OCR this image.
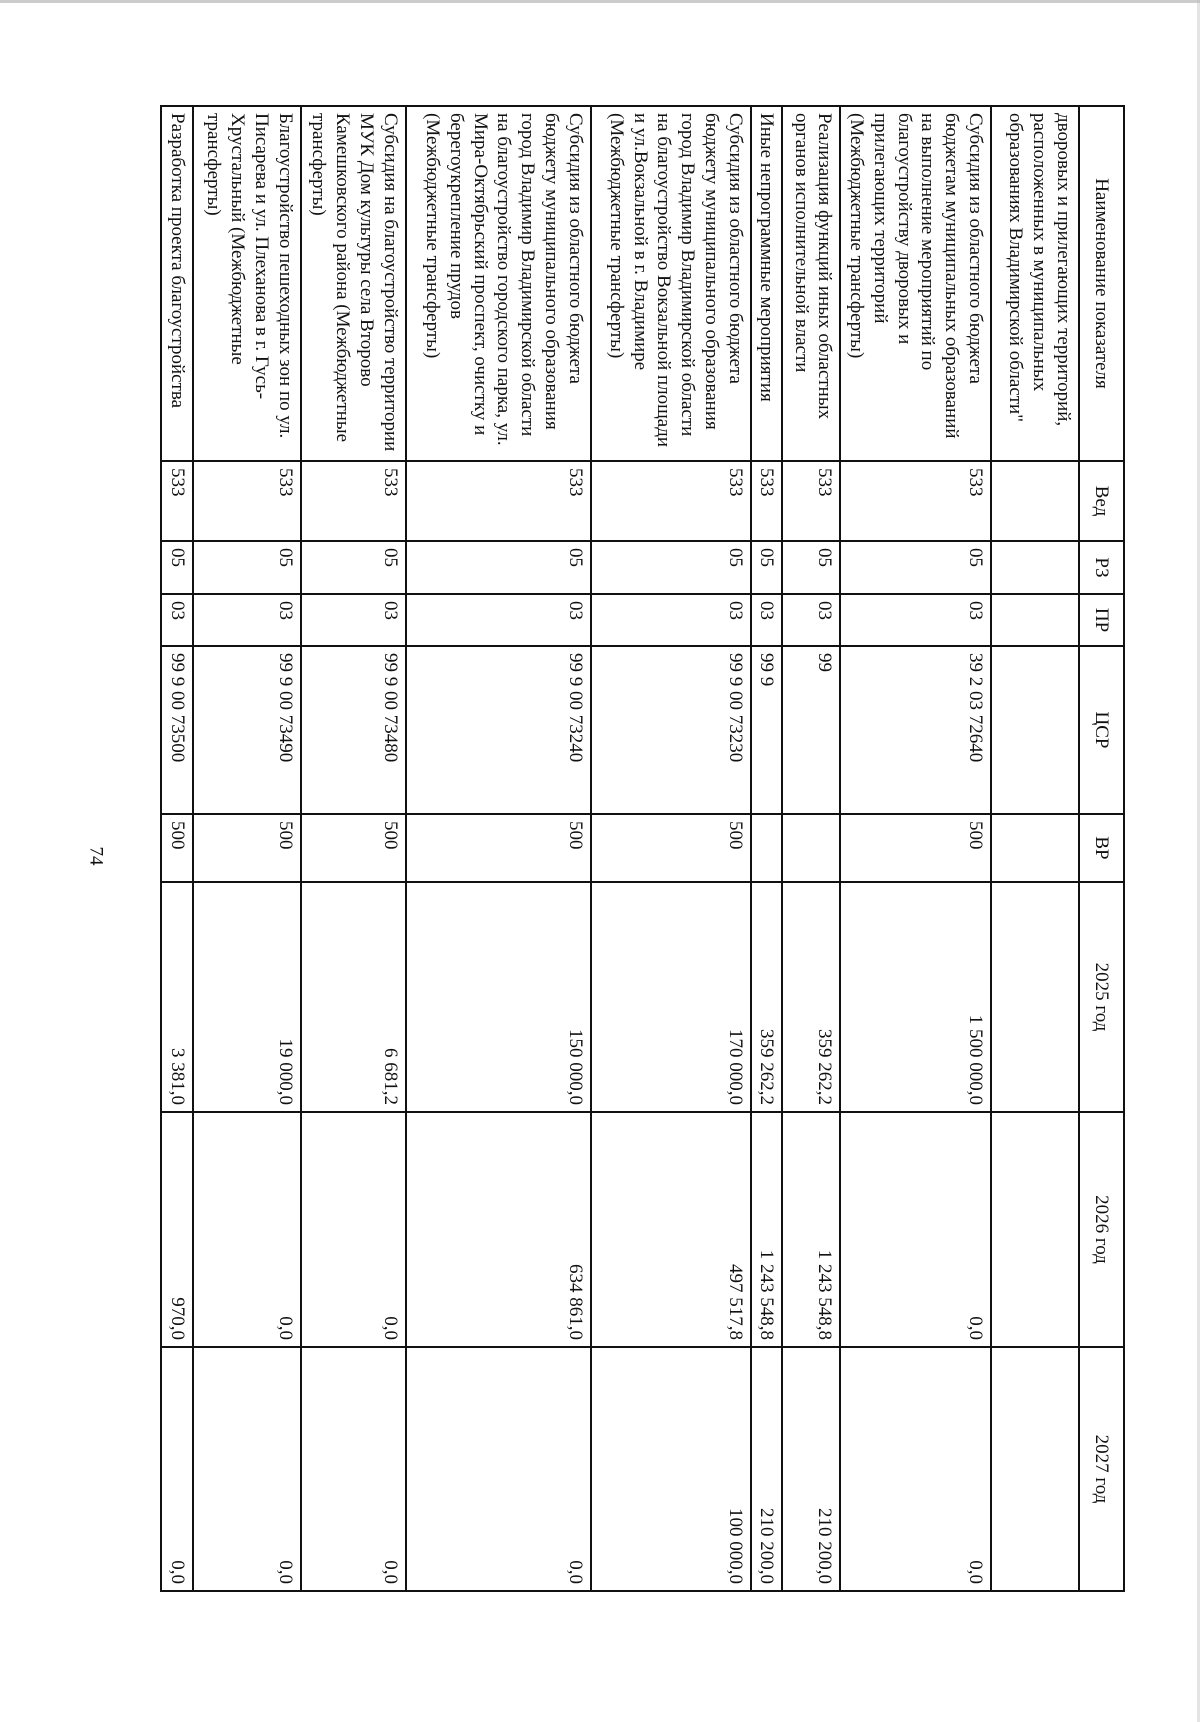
74
Наименование показателя	Вед	РЗ	ПР	ЦСР	ВР	2025 год	2026 год	2027 год
дворовых и прилегающих территорий, расположенных в муниципальных образованиях Владимирской области"								
Субсидия из областного бюджета бюджетам муниципальных образований на выполнение мероприятий по благоустройству дворовых и прилегающих территорий (Межбюджетные трансферты)	533	05	03	39 2 03 72640	500	1 500 000,0	0,0	0,0
Реализация функций иных областных органов исполнительной власти	533	05	03	99		359 262,2	1 243 548,8	210 200,0
Иные непрограммные мероприятия	533	05	03	99 9		359 262,2	1 243 548,8	210 200,0
Субсидия из областного бюджета бюджету муниципального образования город Владимир Владимирской области на благоустройство Вокзальной площади и ул.Вокзальной в г. Владимире (Межбюджетные трансферты)	533	05	03	99 9 00 73230	500	170 000,0	497 517,8	100 000,0
Субсидия из областного бюджета бюджету муниципального образования город Владимир Владимирской области на благоустройство городского парка, ул. Мира-Октябрьский проспект, очистку и берегоукрепление прудов (Межбюджетные трансферты)	533	05	03	99 9 00 73240	500	150 000,0	634 861,0	0,0
Субсидия на благоустройство территории МУК Дом культуры села Второво Камешковского района (Межбюджетные трансферты)	533	05	03	99 9 00 73480	500	6 681,2	0,0	0,0
Благоустройство пешеходных зон по ул. Писарева и ул. Плеханова в г. Гусь-Хрустальный (Межбюджетные трансферты)	533	05	03	99 9 00 73490	500	19 000,0	0,0	0,0
Разработка проекта благоустройства	533	05	03	99 9 00 73500	500	3 381,0	970,0	0,0
